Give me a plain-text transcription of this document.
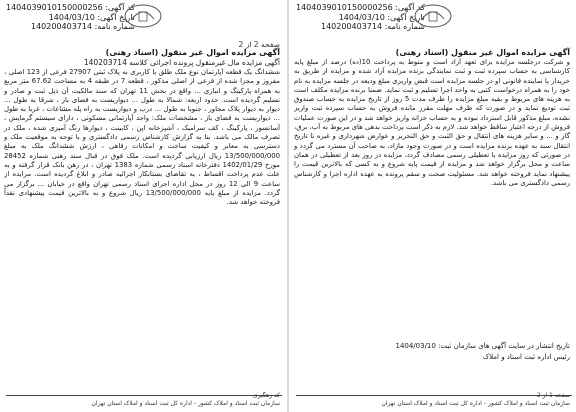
کد آگهی: 1404039010150000256
تاریخ آگهی: 1404/03/10
شماره نامه: 140200403714
آگهی مزایده اموال غیر منقول (اسناد رهنی)
و شرکت درجلسه مزایده برای تعهد آزاد است و منوط به پرداخت 10(ده) درصد از مبلغ پایه کارشناسی به حساب سپرده ثبت و ثبت نمایندگی برنده مزایده آزاد شده و مزایده از طریق به خریدار یا نماینده قانونی او در جلسه مزایده است قبض واریزی مبلغ ودیعه در جلسه مزایده به نام خود را به همراه درخواست کتبی به واحد اجرا تسلیم و ثبت نماید. ضمنا برنده مزایده مکلف است به هزینه های مربوط و بقیه مبلغ مزایده را ظرف مدت 5 روز از تاریخ مزایده به حساب صندوق ثبت تودیع نماید و در صورت که ظرف مهلت مقرر مانده فروش به حساب سپرده ثبت واریز نشده، مبلغ مذکور قابل استرداد نبوده و به حساب خزانه واریز خواهد شد و در این صورت عملیات فروش از درجه اعتبار ساقط خواهد شد. لازم به ذکر است پرداخت بدهی های مربوط به آب، برق، گاز و ... و سایر هزینه های انتقال و حق الثبت و حق التحریر و عوارض شهرداری و غیره تا تاریخ انتقال سند به عهده برنده مزایده است و در صورت وجود مازاد، به صاحب آن مسترد می گردد و در صورتی که روز مزایده با تعطیلی رسمی مصادف گردد، مزایده در روز بعد از تعطیلی در همان ساعت و محل برگزار خواهد شد و مزایده از قیمت پایه شروع و به کسی که بالاترین قیمت را پیشنهاد نماید فروخته خواهد شد. مسئولیت صحت و سقم پرونده به عهده اداره اجرا و کارشناس رسمی دادگستری می باشد.
تاریخ انتشار در سایت آگهی های سازمان ثبت: 1404/03/10
رئیس اداره ثبت اسناد و املاک
صفحه 1 از 2
سازمان ثبت اسناد و املاک کشور - اداره کل ثبت اسناد و املاک استان تهران
کد آگهی: 1404039010150000256
تاریخ آگهی: 1404/03/10
شماره نامه: 140200403714
صفحه 2 از 2
آگهی مزایده اموال غیر منقول (اسناد رهنی)
آگهی مزایده مال غیرمنقول پرونده اجرائی کلاسه 140203714
ششدانگ یک قطعه آپارتمان نوع ملک طلق با کاربری به پلاک ثبتی 27907 فرعی از 123 اصلی ، مفروز و مجزا شده از فرعی از اصلی مذکور ، قطعه 7 در طبقه 4 به مساحت 67.62 متر مربع به همراه پارکینگ و انباری ... واقع در بخش 11 تهران که سند مالکیت آن ذیل ثبت و صادر و تسلیم گردیده است. حدود اربعه: شمالا به طول ... دیواریست به فضای باز ، شرقا به طول ... دیوار به دیوار پلاک مجاور ، جنوبا به طول ... درب و دیواریست به راه پله مشاعات ، غربا به طول ... دیواریست به فضای باز ، مشخصات ملک: واحد آپارتمانی مسکونی ، دارای سیستم گرمایش ، آسانسور ، پارکینگ ، کف سرامیک ، آشپزخانه اپن ، کابینت ، دیوارها رنگ آمیزی شده ، ملک در تصرف مالک می باشد. بنا به گزارش کارشناس رسمی دادگستری و با توجه به موقعیت ملک و دسترسی به معابر و کیفیت ساخت و امکانات رفاهی ، ارزش ششدانگ ملک به مبلغ 13/500/000/000 ریال ارزیابی گردیده است. ملک فوق در قبال سند رهنی شماره 28452 مورخ 1402/01/29 دفترخانه اسناد رسمی شماره 1383 تهران ، در رهن بانک قرار گرفته و به علت عدم پرداخت اقساط ، به تقاضای بستانکار اجرائیه صادر و ابلاغ گردیده است. مزایده از ساعت 9 الی 12 روز در محل اداره اجرای اسناد رسمی تهران واقع در خیابان ... برگزار می گردد. مزایده از مبلغ پایه 13/500/000/000 ریال شروع و به بالاترین قیمت پیشنهادی نقداً فروخته خواهد شد.
کد رهگیری
سازمان ثبت اسناد و املاک کشور - اداره کل ثبت اسناد و املاک استان تهران
